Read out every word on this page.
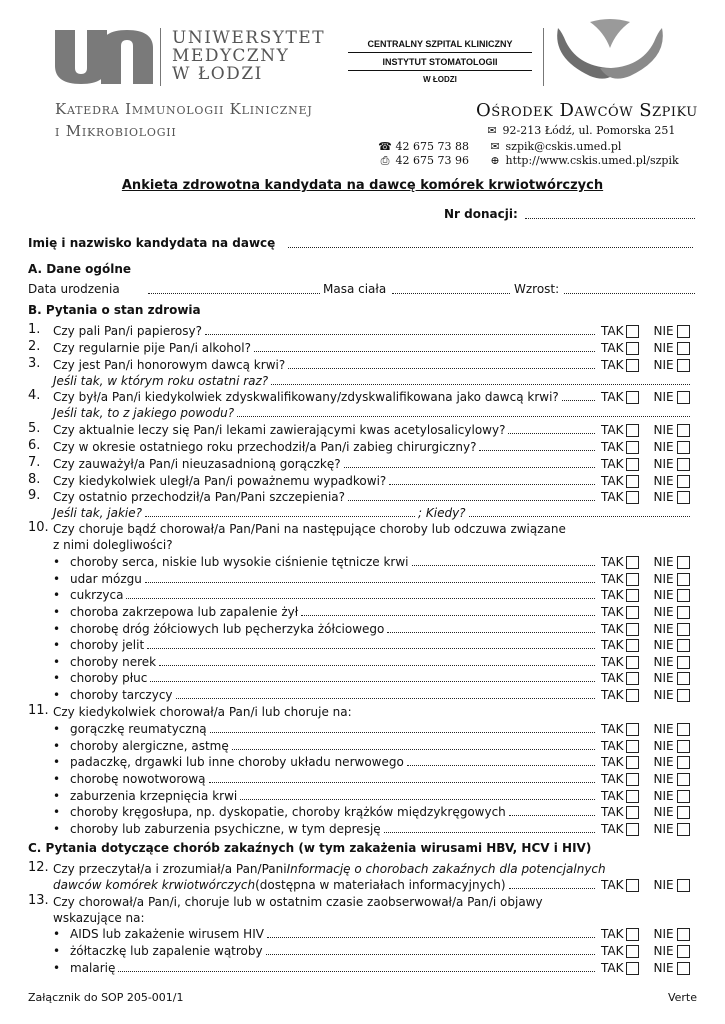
UNIWERSYTET
MEDYCZNY
W ŁODZI
CENTRALNY SZPITAL KLINICZNY
INSTYTUT STOMATOLOGII
W ŁODZI
Katedra Immunologii Klinicznej
i Mikrobiologii
Ośrodek Dawców Szpiku
✉ 92-213 Łódź, ul. Pomorska 251
☎ 42 675 73 88
⎙ 42 675 73 96
✉ szpik@cskis.umed.pl
⊕ http://www.cskis.umed.pl/szpik
Ankieta zdrowotna kandydata na dawcę komórek krwiotwórczych
Nr donacji:
Imię i nazwisko kandydata na dawcę
A. Dane ogólne
Data urodzenia	Masa ciała	Wzrost:
B. Pytania o stan zdrowia
1. Czy pali Pan/i papierosy?	TAK	NIE
2. Czy regularnie pije Pan/i alkohol?	TAK	NIE
3. Czy jest Pan/i honorowym dawcą krwi?	TAK	NIE
Jeśli tak, w którym roku ostatni raz?
4. Czy był/a Pan/i kiedykolwiek zdyskwalifikowany/zdyskwalifikowana jako dawcą krwi?	TAK	NIE
Jeśli tak, to z jakiego powodu?
5. Czy aktualnie leczy się Pan/i lekami zawierającymi kwas acetylosalicylowy?	TAK	NIE
6. Czy w okresie ostatniego roku przechodził/a Pan/i zabieg chirurgiczny?	TAK	NIE
7. Czy zauważył/a Pan/i nieuzasadnioną gorączkę?	TAK	NIE
8. Czy kiedykolwiek uległ/a Pan/i poważnemu wypadkowi?	TAK	NIE
9. Czy ostatnio przechodził/a Pan/Pani szczepienia?	TAK	NIE
Jeśli tak, jakie?	; Kiedy?
10. Czy choruje bądź chorował/a Pan/Pani na następujące choroby lub odczuwa związane
z nimi dolegliwości?
• choroby serca, niskie lub wysokie ciśnienie tętnicze krwi	TAK	NIE
• udar mózgu	TAK	NIE
• cukrzyca	TAK	NIE
• choroba zakrzepowa lub zapalenie żył	TAK	NIE
• chorobę dróg żółciowych lub pęcherzyka żółciowego	TAK	NIE
• choroby jelit	TAK	NIE
• choroby nerek	TAK	NIE
• choroby płuc	TAK	NIE
• choroby tarczycy	TAK	NIE
11. Czy kiedykolwiek chorował/a Pan/i lub choruje na:
• gorączkę reumatyczną	TAK	NIE
• choroby alergiczne, astmę	TAK	NIE
• padaczkę, drgawki lub inne choroby układu nerwowego	TAK	NIE
• chorobę nowotworową	TAK	NIE
• zaburzenia krzepnięcia krwi	TAK	NIE
• choroby kręgosłupa, np. dyskopatie, choroby krążków międzykręgowych	TAK	NIE
• choroby lub zaburzenia psychiczne, w tym depresję	TAK	NIE
C. Pytania dotyczące chorób zakaźnych (w tym zakażenia wirusami HBV, HCV i HIV)
12. Czy przeczytał/a i zrozumiał/a Pan/Pani Informację o chorobach zakaźnych dla potencjalnych
dawców komórek krwiotwórczych (dostępna w materiałach informacyjnych)	TAK	NIE
13. Czy chorował/a Pan/i, choruje lub w ostatnim czasie zaobserwował/a Pan/i objawy
wskazujące na:
• AIDS lub zakażenie wirusem HIV	TAK	NIE
• żółtaczkę lub zapalenie wątroby	TAK	NIE
• malarię	TAK	NIE
Załącznik do SOP 205-001/1	Verte
